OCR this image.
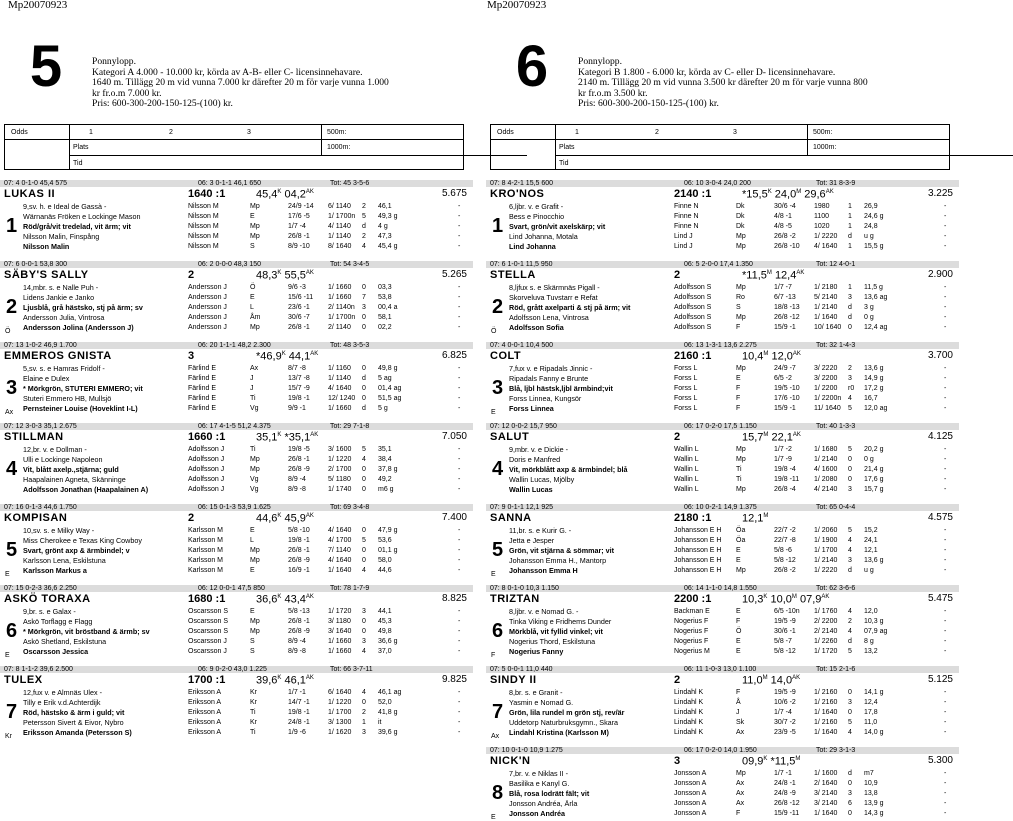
Mp20070923	Mp20070923
5	Ponnylopp.
Kategori A 4.000 - 10.000 kr, körda av A-B- eller C- licensinnehavare.
1640 m. Tillägg 20 m vid vunna 7.000 kr därefter 20 m för varje vunna 1.000
kr fr.o.m 7.000 kr.
Pris: 600-300-200-150-125-(100) kr.
Odds	1	2	3	500m:
Plats	1000m:
Tid
07: 4 0-1-0 45,4 575	06: 3 0-1-1 46,1 650	Tot: 45 3-5-6
LUKAS II	1640 :1	$45,4^K$ $04,2^{AK}$	5.675
1
9,sv. h. e Ideal de Gassà -
Wärnanäs Fröken e Lockinge Mason
Röd/grå/vit tredelad, vit ärm; vit
Nilsson Malin, Finspång
Nilsson Malin
Nilsson M	Mp	24/9 -14 6/ 1140 2 46,1	-
Nilsson M	E	17/6 -5	1/ 1700n 5 49,3 g	-
Nilsson M	Mp	1/7 -4	4/ 1140 d 4 g	-
Nilsson M	Mp	26/8 -1	1/ 1140 2 47,3	-
Nilsson M	S	8/9 -10	8/ 1640 4 45,4 g	-
07: 6 0-0-1 53,8 300	06: 2 0-0-0 48,3 150	Tot: 54 3-4-5
SÄBY'S SALLY	2	$48,3^K$ $55,5^{AK}$	5.265
2
Ö
14,mbr. s. e Nalle Puh -
Lidens Jankie e Janko
Ljusblå, grå hästsko, stj på ärm; sv
Andersson Julia, Vintrosa
Andersson Jolina (Andersson J)
Andersson J	Ö	9/6 -3	1/ 1660 0 03,3	-
Andersson J	E	15/6 -11 1/ 1660 7 53,8	-
Andersson J	L	23/6 -1	2/ 1140n 3 00,4 a	-
Andersson J	Åm	30/6 -7	1/ 1700n 0 58,1	-
Andersson J	Mp	26/8 -1	2/ 1140 0 02,2	-
07: 13 1-0-2 46,9 1.700	06: 20 1-1-1 48,2 2.300	Tot: 48 3-5-3
EMMEROS GNISTA	3	$*46,9^K$ $44,1^{AK}$	6.825
3
Ax
5,sv. s. e Hamras Fridolf -
Elaine e Dulex
* Mörkgrön, STUTERI EMMERO; vit
Stuteri Emmero HB, Mullsjö
Pernsteiner Louise (Hoveklint I-L)
Färlind E	Ax	8/7 -8	1/ 1160 0 49,8 g	-
Färlind E	J	13/7 -8	1/ 1140 d 5 ag	-
Färlind E	J	15/7 -9	4/ 1640 0 01,4 ag	-
Färlind E	Ti	19/8 -1	12/ 1240 0 51,5 ag	-
Färlind E	Vg	9/9 -1	1/ 1660 d 5 g	-
07: 12 3-0-3 35,1 2.675	06: 17 4-1-5 51,2 4.375	Tot: 29 7-1-8
STILLMAN	1660 :1	$35,1^K$ $*35,1^{AK}$	7.050
4
12,br. v. e Dollman -
Ulli e Lockinge Napoleon
Vit, blått axelp.,stjärna; guld
Haapalainen Agneta, Skänninge
Adolfsson Jonathan (Haapalainen A)
Adolfsson J	Ti	19/8 -5	3/ 1600 5 35,1	-
Adolfsson J	Mp	26/8 -1	1/ 1220 4 38,4	-
Adolfsson J	Mp	26/8 -9	2/ 1700 0 37,8 g	-
Adolfsson J	Vg	8/9 -4	5/ 1180 0 49,2	-
Adolfsson J	Vg	8/9 -8	1/ 1740 0 m6 g	-
07: 16 0-1-3 44,6 1.750	06: 15 0-1-3 53,9 1.625	Tot: 69 3-4-8
KOMPISAN	2	$44,6^K$ $45,9^{AK}$	7.400
5
E
10,sv. s. e Milky Way -
Miss Cherokee e Texas King Cowboy
Svart, grönt axp & ärmbindel; v
Karlsson Lena, Eskilstuna
Karlsson Markus a
Karlsson M	E	5/8 -10	4/ 1640 0 47,9 g	-
Karlsson M	L	19/8 -1	4/ 1700 5 53,6	-
Karlsson M	Mp	26/8 -1	7/ 1140 0 01,1 g	-
Karlsson M	Mp	26/8 -9	4/ 1640 0 58,0	-
Karlsson M	E	16/9 -1	1/ 1640 4 44,6	-
07: 15 0-2-3 36,6 2.250	06: 12 0-0-1 47,5 850	Tot: 78 1-7-9
ASKÖ TORAXA	1680 :1	$36,6^K$ $43,4^{AK}$	8.825
6
E
9,br. s. e Galax -
Askö Torflagg e Flagg
* Mörkgrön, vit bröstband & ärmb; sv
Askö Shetland, Eskilstuna
Oscarsson Jessica
Oscarsson S	E	5/8 -13	1/ 1720 3 44,1	-
Oscarsson S	Mp	26/8 -1	3/ 1180 0 45,3	-
Oscarsson S	Mp	26/8 -9	3/ 1640 0 49,8	-
Oscarsson J	S	8/9 -4	1/ 1660 3 36,6 g	-
Oscarsson J	S	8/9 -8	1/ 1660 4 37,0	-
07: 8 1-1-2 39,6 2.500	06: 9 0-2-0 43,0 1.225	Tot: 66 3-7-11
TULEX	1700 :1	$39,6^K$ $46,1^{AK}$	9.825
7
Kr
12,fux v. e Almnäs Ulex -
Tilly e Erik v.d.Achterdijk
Röd, hästsko & ärm i guld; vit
Petersson Sivert & Eivor, Nybro
Eriksson Amanda (Petersson S)
Eriksson A	Kr	1/7 -1	6/ 1640 4 46,1 ag	-
Eriksson A	Kr	14/7 -1	1/ 1220 0 52,0	-
Eriksson A	Ti	19/8 -1	1/ 1700 2 41,8 g	-
Eriksson A	Kr	24/8 -1	3/ 1300 1 it	-
Eriksson A	Ti	1/9 -6	1/ 1620 3 39,6 g	-
6	Ponnylopp.
Kategori B 1.800 - 6.000 kr, körda av C- eller D- licensinnehavare.
2140 m. Tillägg 20 m vid vunna 3.500 kr därefter 20 m för varje vunna 800
kr fr.o.m 3.500 kr.
Pris: 600-300-200-150-125-(100) kr.
Odds	1	2	3	500m:
Plats	1000m:
Tid
07: 8 4-2-1 15,5 600	06: 10 3-0-4 24,0 200	Tot: 31 8-3-9
KRO'NOS	2140 :1	$*15,5^K$ $24,0^M$ $29,6^{AK}$	3.225
1
6,ljbr. v. e Grafit -
Bess e Pinocchio
Svart, grön/vit axelskärp; vit
Lind Johanna, Motala
Lind Johanna
Finne N	Dk	30/6 -4	1980	1 26,9	-
Finne N	Dk	4/8 -1	1100	1 24,6 g	-
Finne N	Dk	4/8 -5	1020	1 24,8	-
Lind J	Mp	26/8 -2	1/ 2220 d u g	-
Lind J	Mp	26/8 -10 4/ 1640 1 15,5 g	-
07: 6 1-0-1 11,5 950	06: 5 2-0-0 17,4 1.350	Tot: 12 4-0-1
STELLA	2	$*11,5^M$ $12,4^{AK}$	2.900
2
Ö
8,ljfux s. e Skärmnäs Pigall -
Skorveluva Tuvstarr e Refat
Röd, grått axelparti & stj på ärm; vit
Adolfsson Lena, Vintrosa
Adolfsson Sofia
Adolfsson S	Mp	1/7 -7	1/ 2180 1 11,5 g	-
Adolfsson S	Ro	6/7 -13	5/ 2140 3 13,6 ag	-
Adolfsson S	S	18/8 -13 1/ 2140 d 3 g	-
Adolfsson S	Mp	26/8 -12 1/ 1640 d 0 g	-
Adolfsson S	F	15/9 -1	10/ 1640 0 12,4 ag	-
07: 4 0-0-1 10,4 500	06: 13 1-3-1 13,6 2.275	Tot: 32 1-4-3
COLT	2160 :1	$10,4^M$ $12,0^{AK}$	3.700
3
E
7,fux v. e Ripadals Jinnic -
Ripadals Fanny e Brunte
Blå, ljbl hästsk,ljbl ärmbind;vit
Forss Linnea, Kungsör
Forss Linnea
Forss L	Mp	24/9 -7	3/ 2220 2 13,6 g	-
Forss L	E	6/5 -2	3/ 2200 3 14,9 g	-
Forss L	F	19/5 -10 1/ 2200 r0 17,2 g	-
Forss L	F	17/6 -10 1/ 2200n 4 16,7	-
Forss L	F	15/9 -1	11/ 1640 5 12,0 ag	-
07: 12 0-0-2 15,7 950	06: 17 0-2-0 17,5 1.150	Tot: 40 1-3-3
SALUT	2	$15,7^M$ $22,1^{AK}$	4.125
4
9,mbr. v. e Dickie -
Doris e Manfred
Vit, mörkblått axp & ärmbindel; blå
Wallin Lucas, Mjölby
Wallin Lucas
Wallin L	Mp	1/7 -2	1/ 1680 5 20,2 g	-
Wallin L	Mp	1/7 -9	1/ 2140 0 0 g	-
Wallin L	Ti	19/8 -4	4/ 1600 0 21,4 g	-
Wallin L	Ti	19/8 -11 1/ 2080 0 17,6 g	-
Wallin L	Mp	26/8 -4	4/ 2140 3 15,7 g	-
07: 9 0-1-1 12,1 925	06: 10 0-2-1 14,9 1.375	Tot: 65 0-4-4
SANNA	2180 :1	$12,1^M$	4.575
5
E
11,br. s. e Kurir G. -
Jetta e Jesper
Grön, vit stjärna & sömmar; vit
Johansson Emma H., Mantorp
Johansson Emma H
Johansson E H Öa	22/7 -2	1/ 2060 5 15,2	-
Johansson E H Öa	22/7 -8	1/ 1900 4 24,1	-
Johansson E H E	5/8 -6	1/ 1700 4 12,1	-
Johansson E H E	5/8 -12	1/ 2140 3 13,6 g	-
Johansson E H Mp	26/8 -2	1/ 2220 d u g	-
07: 8 0-1-0 10,3 1.150	06: 14 1-1-0 14,8 1.550	Tot: 62 3-6-6
TRIZTAN	2200 :1	$10,3^K$ $10,0^M$ $07,9^{AK}$	5.475
6
F
8,ljbr. v. e Nomad G. -
Tinka Viking e Fridhems Dunder
Mörkblå, vit fyllid vinkel; vit
Nogerius Thord, Eskilstuna
Nogerius Fanny
Backman E	E	6/5 -10n 1/ 1760 4 12,0	-
Nogerius F	F	19/5 -9	2/ 2200 2 10,3 g	-
Nogerius F	Ö	30/6 -1	2/ 2140 4 07,9 ag	-
Nogerius F	E	5/8 -7	1/ 2260 d 8 g	-
Nogerius M	E	5/8 -12	1/ 1720 5 13,2	-
07: 5 0-0-1 11,0 440	06: 11 1-0-3 13,0 1.100	Tot: 15 2-1-6
SINDY II	2	$11,0^M$ $14,0^{AK}$	5.125
7
Ax
8,br. s. e Granit -
Yasmin e Nomad G.
Grön, lila rundel m grön stj, rev/är
Uddetorp Naturbruksgymn., Skara
Lindahl Kristina (Karlsson M)
Lindahl K	F	19/5 -9	1/ 2160 0 14,1 g	-
Lindahl K	Å	10/6 -2	1/ 2160 3 12,4	-
Lindahl K	J	1/7 -4	1/ 1640 0 17,8	-
Lindahl K	Sk	30/7 -2	1/ 2160 5 11,0	-
Lindahl K	Ax	23/9 -5	1/ 1640 4 14,0 g	-
07: 10 0-1-0 10,9 1.275	06: 17 0-2-0 14,0 1.950	Tot: 29 3-1-3
NICK'N	3	$09,9^K$ $*11,5^M$	5.300
8
E
7,br. v. e Niklas II -
Basilika e Kanyl G.
Blå, rosa lodrätt fält; vit
Jonsson Andréa, Ärla
Jonsson Andréa
Jonsson A	Mp	1/7 -1	1/ 1600 d m7	-
Jonsson A	Ax	24/8 -1	2/ 1640 0 10,9	-
Jonsson A	Ax	24/8 -9	3/ 2140 3 13,8	-
Jonsson A	Ax	26/8 -12 3/ 2140 6 13,9 g	-
Jonsson A	F	15/9 -11 1/ 1640 0 14,3 g	-
